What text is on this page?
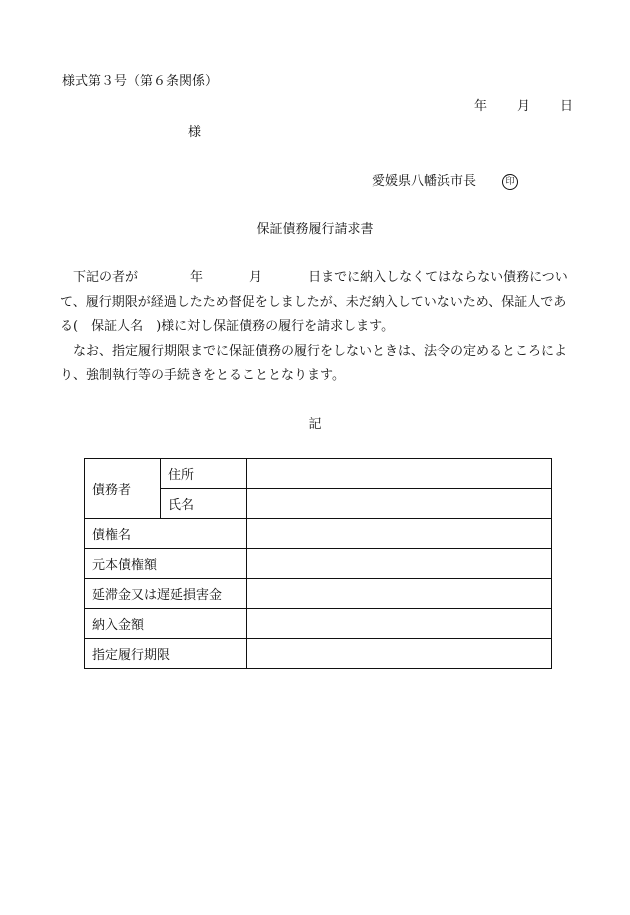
様式第３号（第６条関係）
年 月 日
様
愛媛県八幡浜市長	印
保証債務履行請求書

　下記の者が	年	月	日までに納入しなくてはならない債務について、履行期限が経過したため督促をしましたが、未だ納入していないため、保証人である( 保証人名 )様に対し保証債務の履行を請求します。

　なお、指定履行期限までに保証債務の履行をしないときは、法令の定めるところにより、強制執行等の手続きをとることとなります。

記
債務者	住所	
	氏名	
債権名		
元本債権額		
延滞金又は遅延損害金		
納入金額		
指定履行期限		
